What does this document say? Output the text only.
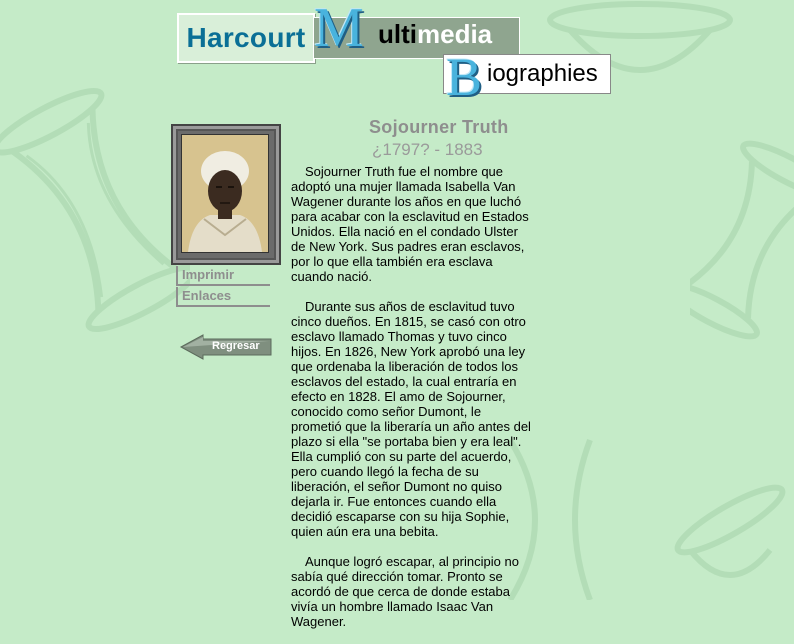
Harcourt M ultimedia
iographies
B
Imprimir
Enlaces
Regresar
Sojourner Truth
¿1797? - 1883

Sojourner Truth fue el nombre que adoptó una mujer llamada Isabella Van Wagener durante los años en que luchó para acabar con la esclavitud en Estados Unidos. Ella nació en el condado Ulster de New York. Sus padres eran esclavos, por lo que ella también era esclava cuando nació.

Durante sus años de esclavitud tuvo cinco dueños. En 1815, se casó con otro esclavo llamado Thomas y tuvo cinco hijos. En 1826, New York aprobó una ley que ordenaba la liberación de todos los esclavos del estado, la cual entraría en efecto en 1828. El amo de Sojourner, conocido como señor Dumont, le prometió que la liberaría un año antes del plazo si ella "se portaba bien y era leal". Ella cumplió con su parte del acuerdo, pero cuando llegó la fecha de su liberación, el señor Dumont no quiso dejarla ir. Fue entonces cuando ella decidió escaparse con su hija Sophie, quien aún era una bebita.

Aunque logró escapar, al principio no sabía qué dirección tomar. Pronto se acordó de que cerca de donde estaba vivía un hombre llamado Isaac Van Wagener.
